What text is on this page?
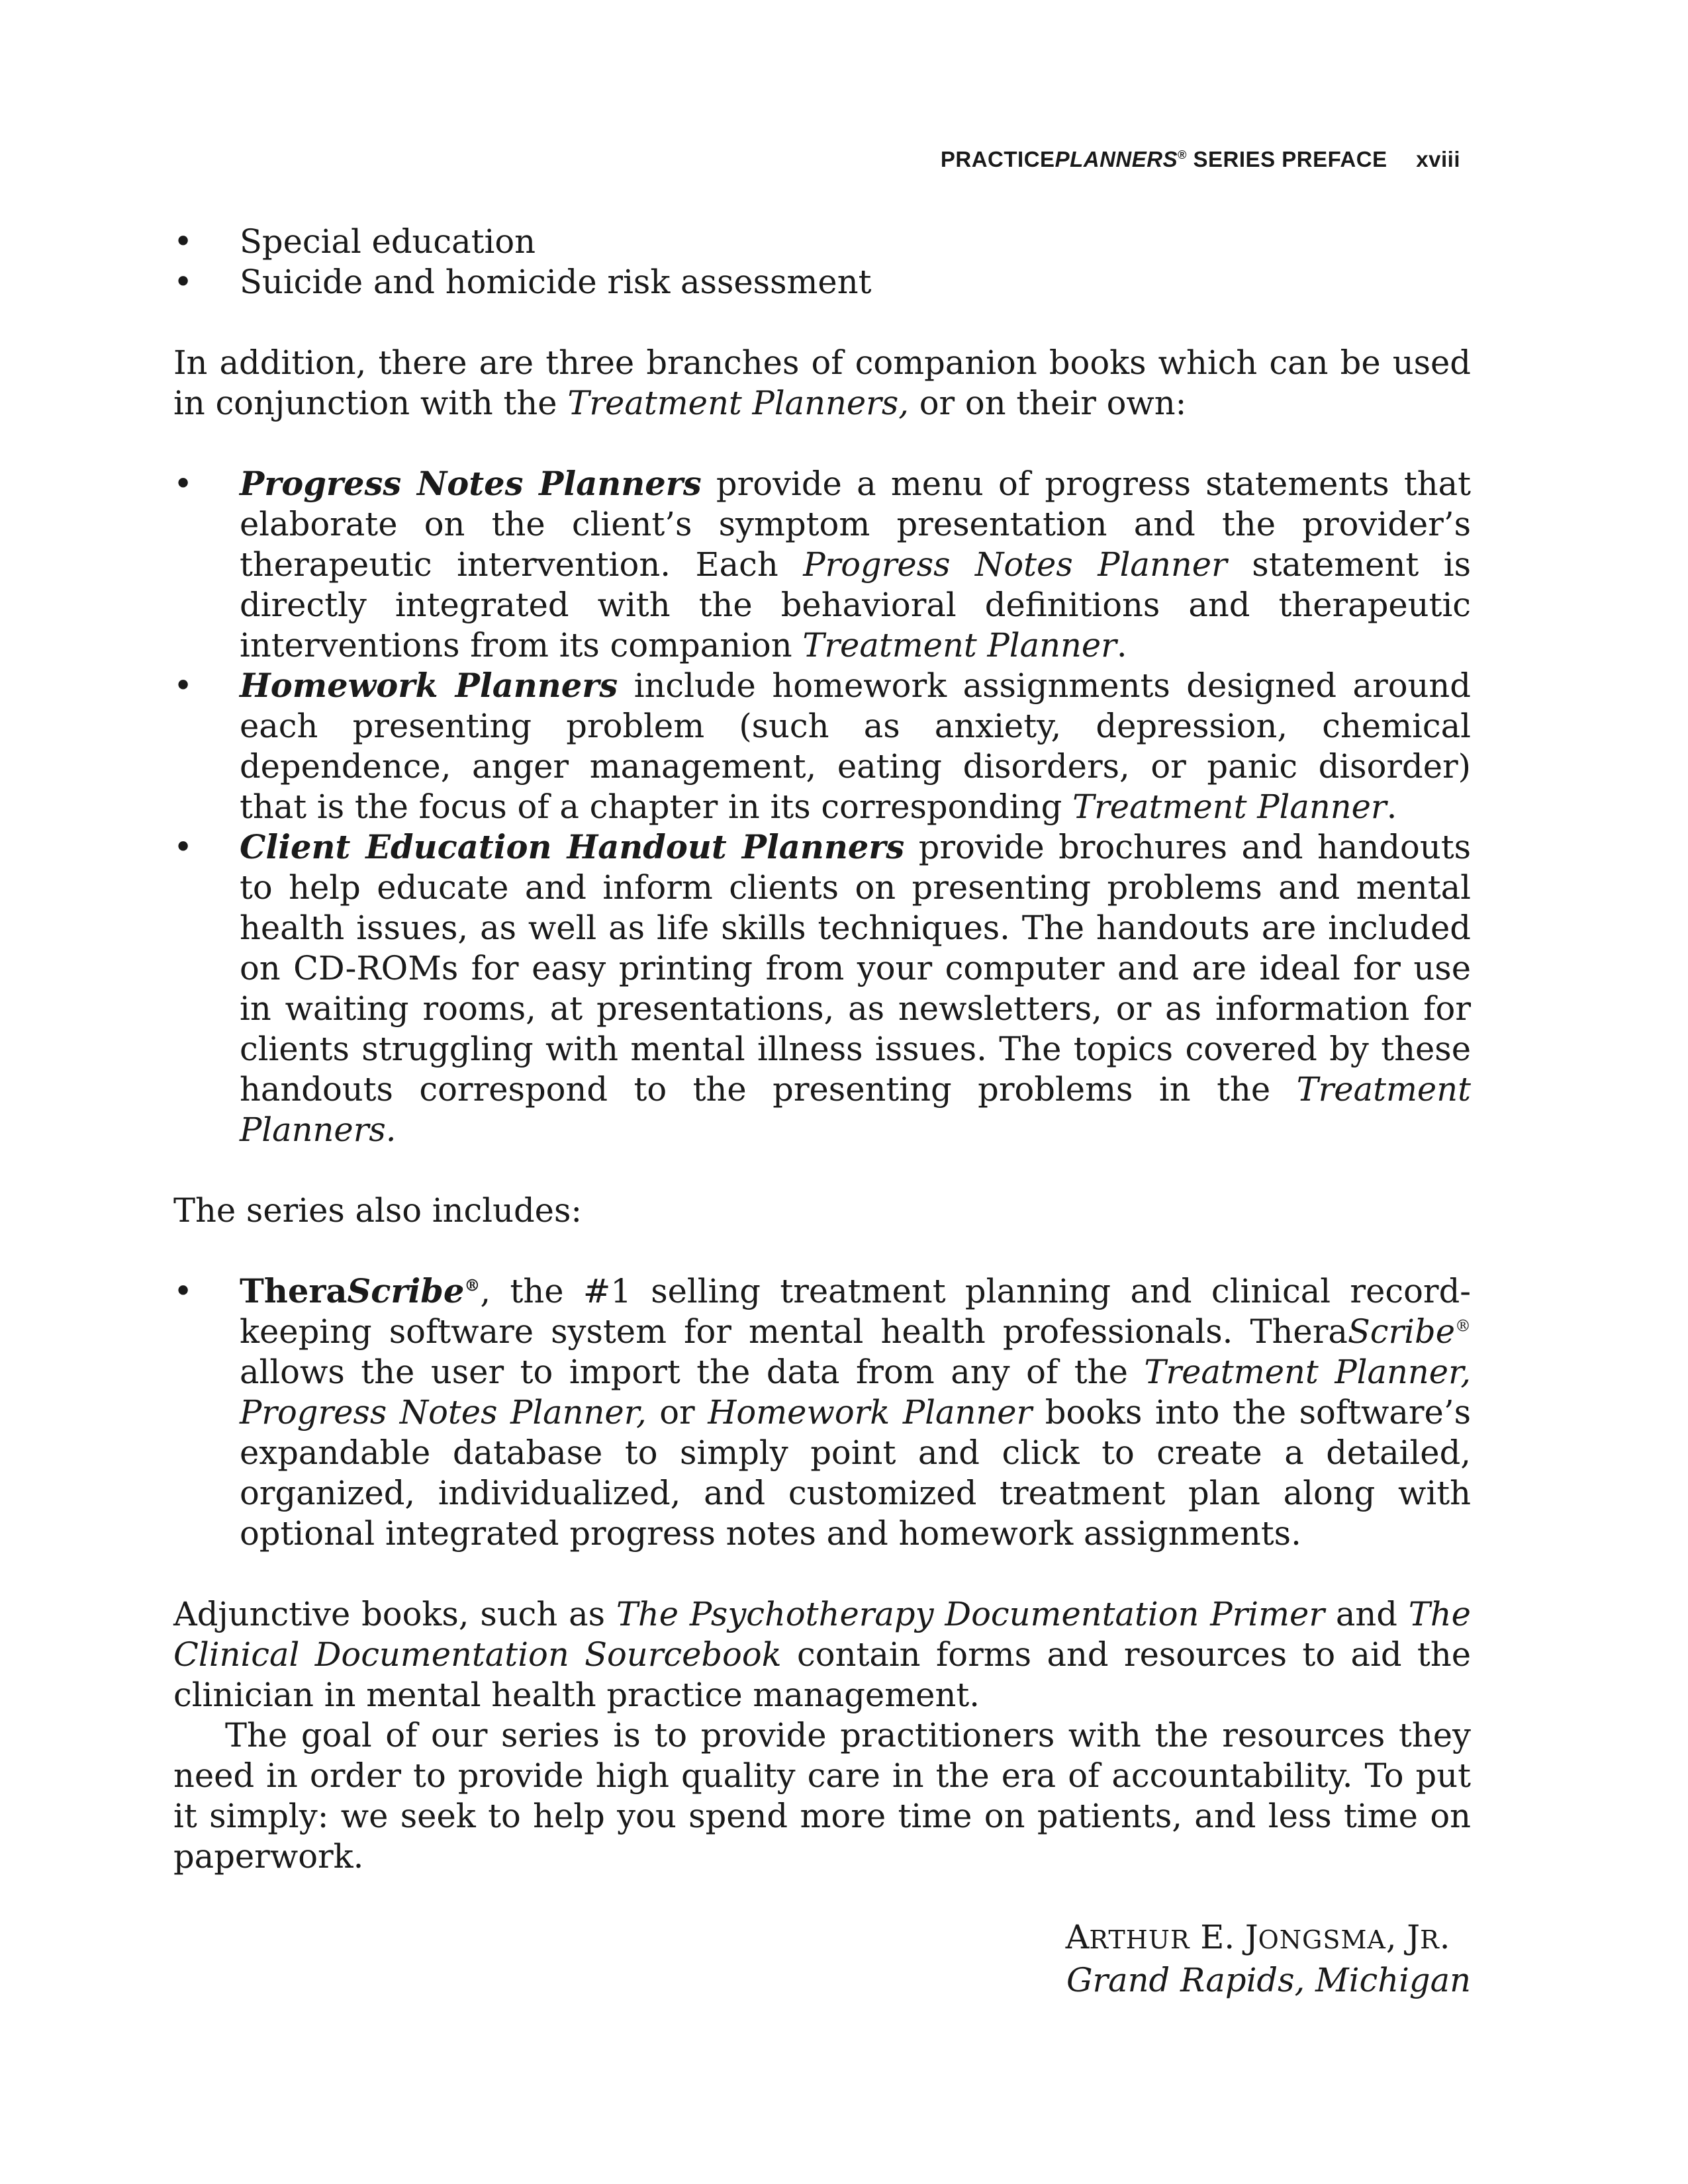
PRACTICEPLANNERS® SERIES PREFACE xviii
• Special education
• Suicide and homicide risk assessment

In addition, there are three branches of companion books which can be used in conjunction with the Treatment Planners, or on their own:

• Progress Notes Planners provide a menu of progress statements that elaborate on the client’s symptom presentation and the provider’s therapeutic intervention. Each Progress Notes Planner statement is directly integrated with the behavioral definitions and therapeutic interventions from its companion Treatment Planner.
• Homework Planners include homework assignments designed around each presenting problem (such as anxiety, depression, chemical dependence, anger management, eating disorders, or panic disorder) that is the focus of a chapter in its corresponding Treatment Planner.
• Client Education Handout Planners provide brochures and handouts to help educate and inform clients on presenting problems and mental health issues, as well as life skills techniques. The handouts are included on CD-ROMs for easy printing from your computer and are ideal for use in waiting rooms, at presentations, as newsletters, or as information for clients struggling with mental illness issues. The topics covered by these handouts correspond to the presenting problems in the Treatment Planners.

The series also includes:

• TheraScribe®, the #1 selling treatment planning and clinical record-keeping software system for mental health professionals. TheraScribe® allows the user to import the data from any of the Treatment Planner, Progress Notes Planner, or Homework Planner books into the software’s expandable database to simply point and click to create a detailed, organized, individualized, and customized treatment plan along with optional integrated progress notes and homework assignments.

Adjunctive books, such as The Psychotherapy Documentation Primer and The Clinical Documentation Sourcebook contain forms and resources to aid the clinician in mental health practice management.

The goal of our series is to provide practitioners with the resources they need in order to provide high quality care in the era of accountability. To put it simply: we seek to help you spend more time on patients, and less time on paperwork.

ARTHUR E. JONGSMA, JR.
Grand Rapids, Michigan
